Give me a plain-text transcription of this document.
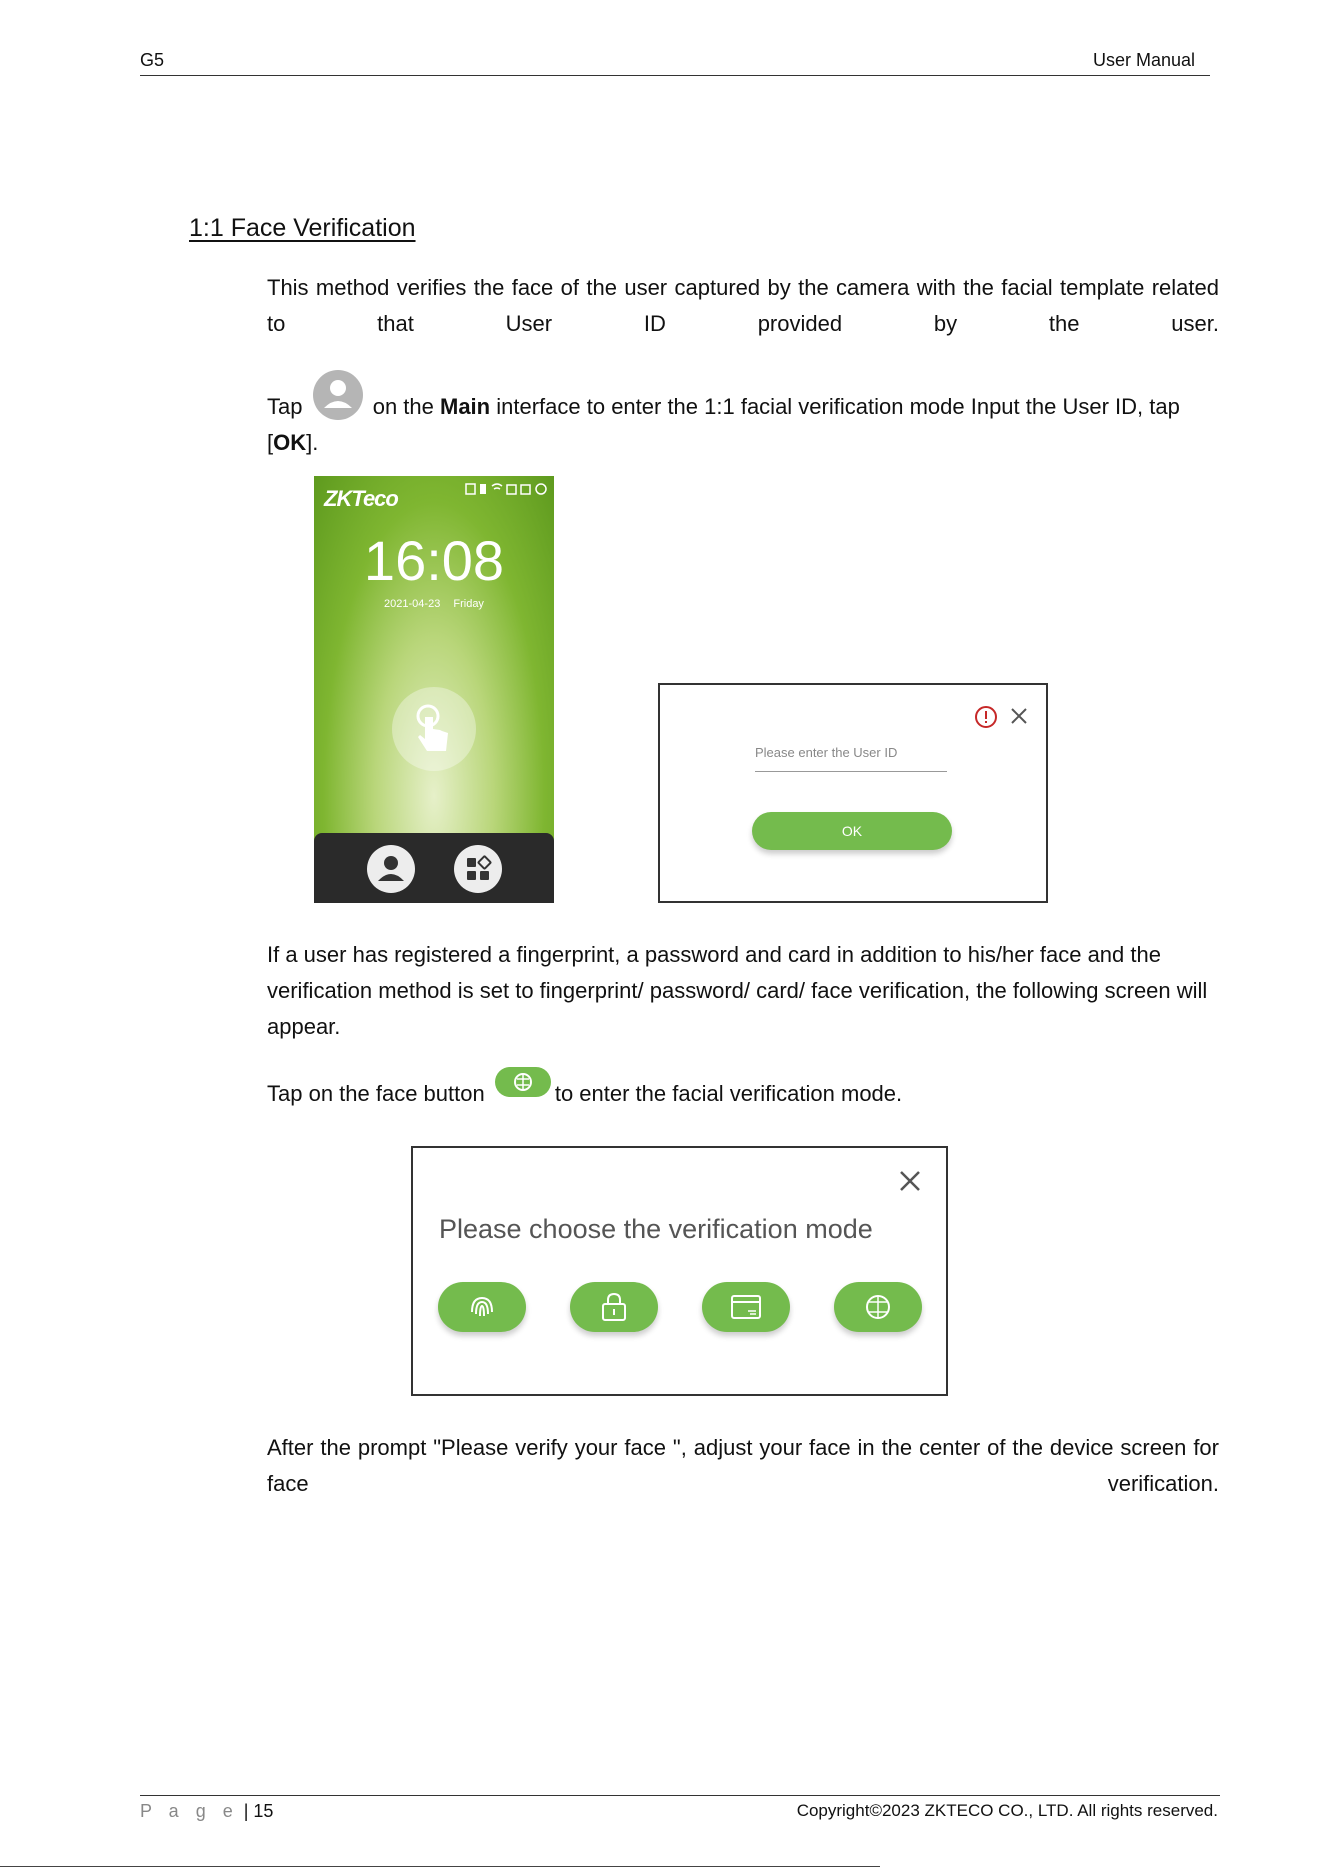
G5	User Manual
1:1 Face Verification
This method verifies the face of the user captured by the camera with the facial template related to that User ID provided by the user.
Tap	on the Main interface to enter the 1:1 facial verification mode Input the User ID, tap [OK].
ZKTeco
16:08
2021-04-23 Friday
Please enter the User ID
OK
If a user has registered a fingerprint, a password and card in addition to his/her face and the verification method is set to fingerprint/ password/ card/ face verification, the following screen will appear.
Tap on the face button	to enter the facial verification mode.
Please choose the verification mode
After the prompt "Please verify your face ", adjust your face in the center of the device screen for face verification.
P a g e | 15	Copyright©2023 ZKTECO CO., LTD. All rights reserved.
